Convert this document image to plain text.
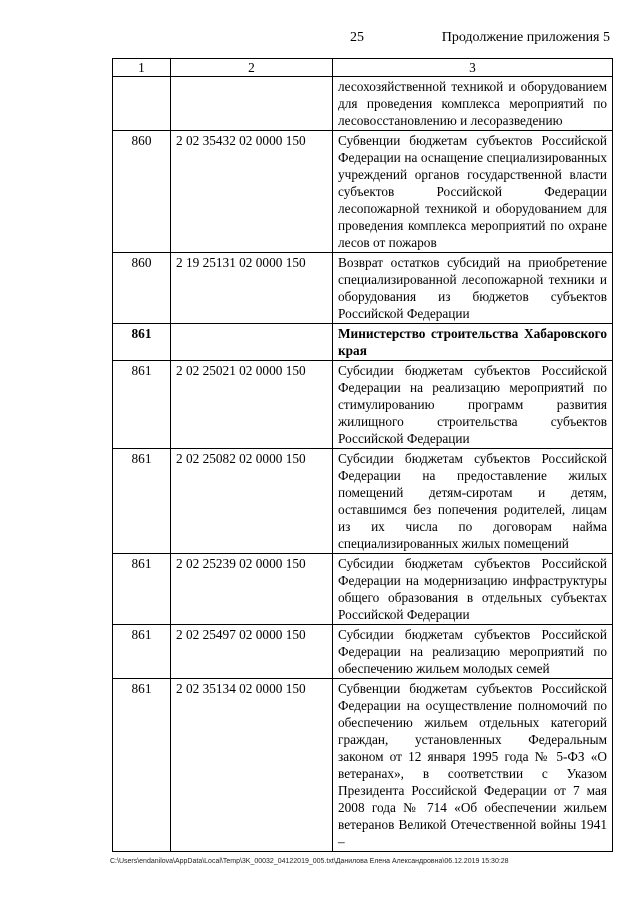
25	Продолжение приложения 5
1	2	3
		лесохозяйственной техникой и оборудованием для проведения комплекса мероприятий по лесовосстановлению и лесоразведению
860	2 02 35432 02 0000 150	Субвенции бюджетам субъектов Российской Федерации на оснащение специализированных учреждений органов государственной власти субъектов Российской Федерации лесопожарной техникой и оборудованием для проведения комплекса мероприятий по охране лесов от пожаров
860	2 19 25131 02 0000 150	Возврат остатков субсидий на приобретение специализированной лесопожарной техники и оборудования из бюджетов субъектов Российской Федерации
861		Министерство строительства Хабаровского края
861	2 02 25021 02 0000 150	Субсидии бюджетам субъектов Российской Федерации на реализацию мероприятий по стимулированию программ развития жилищного строительства субъектов Российской Федерации
861	2 02 25082 02 0000 150	Субсидии бюджетам субъектов Российской Федерации на предоставление жилых помещений детям-сиротам и детям, оставшимся без попечения родителей, лицам из их числа по договорам найма специализированных жилых помещений
861	2 02 25239 02 0000 150	Субсидии бюджетам субъектов Российской Федерации на модернизацию инфраструктуры общего образования в отдельных субъектах Российской Федерации
861	2 02 25497 02 0000 150	Субсидии бюджетам субъектов Российской Федерации на реализацию мероприятий по обеспечению жильем молодых семей
861	2 02 35134 02 0000 150	Субвенции бюджетам субъектов Российской Федерации на осуществление полномочий по обеспечению жильем отдельных категорий граждан, установленных Федеральным законом от 12 января 1995 года № 5-ФЗ «О ветеранах», в соответствии с Указом Президента Российской Федерации от 7 мая 2008 года № 714 «Об обеспечении жильем ветеранов Великой Отечественной войны 1941 –
C:\Users\endanilova\AppData\Local\Temp\3K_00032_04122019_005.txt\Данилова Елена Александровна\06.12.2019 15:30:28
